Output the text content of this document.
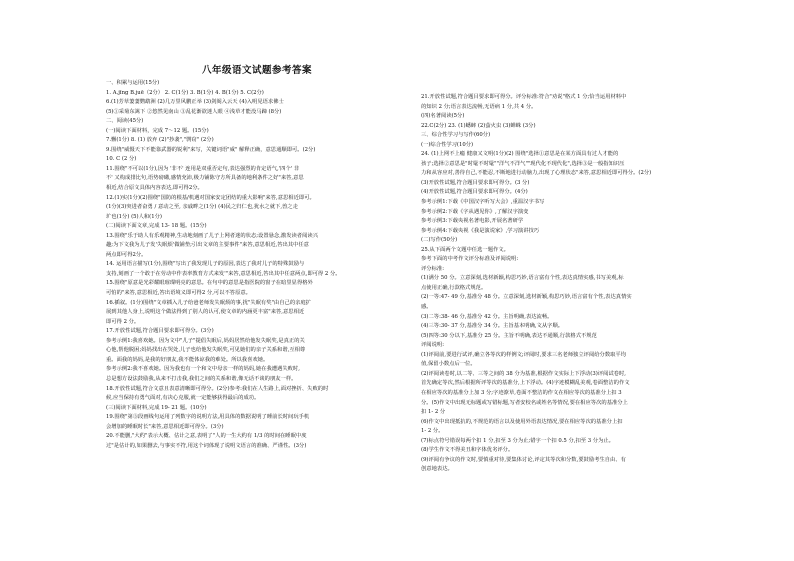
八年级语文试题参考答案
一、积累与运用(15分)
1. A.jīng B.juē（2分） 2. C(1分) 3. B(1分) 4. B(1分) 5. C(2分)
6.(1)芳草萋萋鹦鹉洲 (2)几万里风鹏正举 (3)剑阁入云天 (4)入明见语求佛士
(5)①采菊东篱下 ②悠然见南山 ③乱花渐欲迷人眼 ④浅草才能没马蹄 (8分)
二、阅读(45分)
(一)阅读下面材料，完成 7～12 题。(15分)
7.懈(1分) 8. (1) 放弃 (2)"抄袭","剽窃" (2分)
9.围绕"威慑天下不能靠武器的锐利"来写，关键词语"威" 解释正确，意思通顺即可。(2分)
10. C (2 分)
11.围绕"不可以(1分),因为 '非不' 连用是双重否定句,表达强烈的肯定语气,'四个' 非
不' 又构成排比句,语势磅礴,感情充沛,极力铺陈守方所具备的地利条件之好"来答,意思
相近,结合原文具体内容表达,即可得2分。
12.(1)实(1分)(2)围绕"国防的根基/机遇对国家安定团结的重大影响"来答,意思相近即可。
(1分)(3)突进者奋勇 / 意动之至, 亲戚畔之(1分) (4)民之归仁也,犹水之就下,兽之走
圹也(1分) (5)人和(1分)
(二)阅读下面文章,完成 13- 18 题。(15分)
13.围绕"乐于助人有乐观精神,生动地刻画了儿子上网者迷的状态;设置悬念,激发读者阅读兴
趣;为下文我为儿子发'失眠烦'做铺垫;引出文章的主要事件"来答,意思相近,答出其中任意
两点即可得2分。
14. 运用语言描写(1分),围绕"写出了我发现儿子的原因,表达了我对儿子的特殊鼓励与
支持,刻画了一个敢于在劳动中作表率教育方式来发'"来答,意思相近,答出其中任意两点,即可得 2 分。
15.围绕"原意是光彩耀眼璀璨明亮的意思。在句中的意思是指医院的窗子在暗里显得格外
可怕的"来答,意思相近,答出语境义即可得2 分,可以不答原意。
16.插叙。(1分)围绕"文章插入儿子给爸老师发失眠烦的事,扰"失眠有奖"由自己的亲庭扩
展到其他人身上,说明这个做法得到了别人的认可,使文章的内涵更丰富"来答,意思相近
即可得 2 分。
17.开放性试题,符合题目要求即可得分。(3分)
参考示例1:我喜欢她。因为文中"儿子"提倡失眠后,妈妈居然给他发失眠奖,是真正的关
心他,帮他脱困;妈妈找出在哭处,儿子也给他发失眠奖,可见她们的亲子关系和谐,互相尊
重。面我的妈妈,是我的好朋友,我不能体谅我的难处。所以我喜欢她。
参考示例2:我不喜欢她。因为我也有一个和文中母亲一样的妈妈,她在我遭遇失败时,
总是想方设法鼓励我,从来不打击我,我们之间的关系和谐,像无话不谈的朋友一样。
18.开放性试题,符合文意且表意清晰即可得分。(2分)参考:我们在人生路上,面对挫折、失败的时
候,应当保持有勇气面对,有决心克服,就一定能够获得最后的成功。
(三)阅读下面材料,完成 19- 21 题。(10分)
19.围绕"第③段画线句运用了列数字的说明方法,用具体的数据说明了睡前长时间玩手机
会增加的睡眠时长"来答,意思相近即可得分。(3分)
20.不能删,"大约"表示大概、估计之意,表明了"人的一生大约有 1/3 的时间在睡眠中度
过"是估计的,如果删去,与事实不符,用这个词体现了说明文语言的准确、严谨性。(3分)
21.开放性试题,符合题目要求即可得分。评分标准:符合"劝说"格式 1 分;恰当运用材料中
的知识 2 分;语言表达流畅,无语病 1 分,共 4 分。
(四)名著阅读(5分)
22.C(2分) 23. (1)蟋蟀 (2)萤火虫 (3)蝉蛛 (3分)
三、综合性学习与写作(60分)
(一)综合性学习(10分)
24. (1)上网不上瘾 健康又文明(1分)(2) 围绕"选择①意思是在某方面具有过人才能的
孩子;选择②意思是"时髦不时髦""洋气不洋气""现代化不现代化",选择③是一般指知识压
力和从容应对,善待自己,不能忍,不断地进行动脑力,出现了心理状态"来答,意思相近即可得分。(2分)
(3)开放性试题,符合题目要求即可得分。(3 分)
(4)开放性试题,符合题目要求即可得分。(4分)
参考示例1:下载《中国汉字听写大会》,重温汉字书写
参考示例2:下载《字从遇见你》,了解汉字演变
参考示例3:下载央视名著电影,开展名著研学
参考示例4:下载央视《我是演说家》,学习演讲技巧
(二)写作(50分)
25.从下面两个文题中任选一题作文。
参考下面的中考作文评分标准及评阅说明:
评分标准:
(1)满分 50 分。立意深刻,选材新颖,构思巧妙,语言富有个性,表达真情实感,书写美观,标
点使用正确,行款格式规范。
(2)一等:47- 49 分,基准分 48 分。立意深刻,选材新颖,构思巧妙,语言富有个性,表达真情实
感。
(3)二等:38- 46 分,基准分 42 分。主旨明确,表达流畅。
(4)三等:30- 37 分,基准分 34 分。主旨基本明确,文从字顺。
(5)四等:30 分以下,基准分 25 分。主旨不明确,表达不通顺,行款格式不规范
评阅说明:
(1)评阅前,要进行试评,确立各等次的样例文;评阅时,要求三名老师独立评阅给分数取平均
值,保留小数点后一位。
(2)评阅读卷时,以二等、三等之间的 38 分为基准,根据作文实际上下浮动(3)评阅试卷时,
首先确定等次,然后根据所评等次的基准分,上下浮动。(4)字迹模糊乱美观,卷面整洁的作文
在相应等次的基准分上加 3 分;字迹潦草,卷面不整洁的作文在相应等次的基准分上扣 3
分。(5)作文中出现无标题或写错标题,写者安校名或姓名等情况,要在相应等次的基准分上
扣 1- 2 分
(6)作文中出现抵抗的,不规范的语言以及使用外语表达情况,要在相应等次的基准分上扣
1- 2 分。
(7)标点符号错误每两个扣 1 分,扣至 3 分为止;错字一个扣 0.5 分,扣至 3 分为止。
(8)学生作文不得美丑和字体优劣评分。
(9)评阅有争议的作文时,要慎重对待,要集体讨论,评定其等次和分数,要鼓励考生自由、有
创意地表达。
